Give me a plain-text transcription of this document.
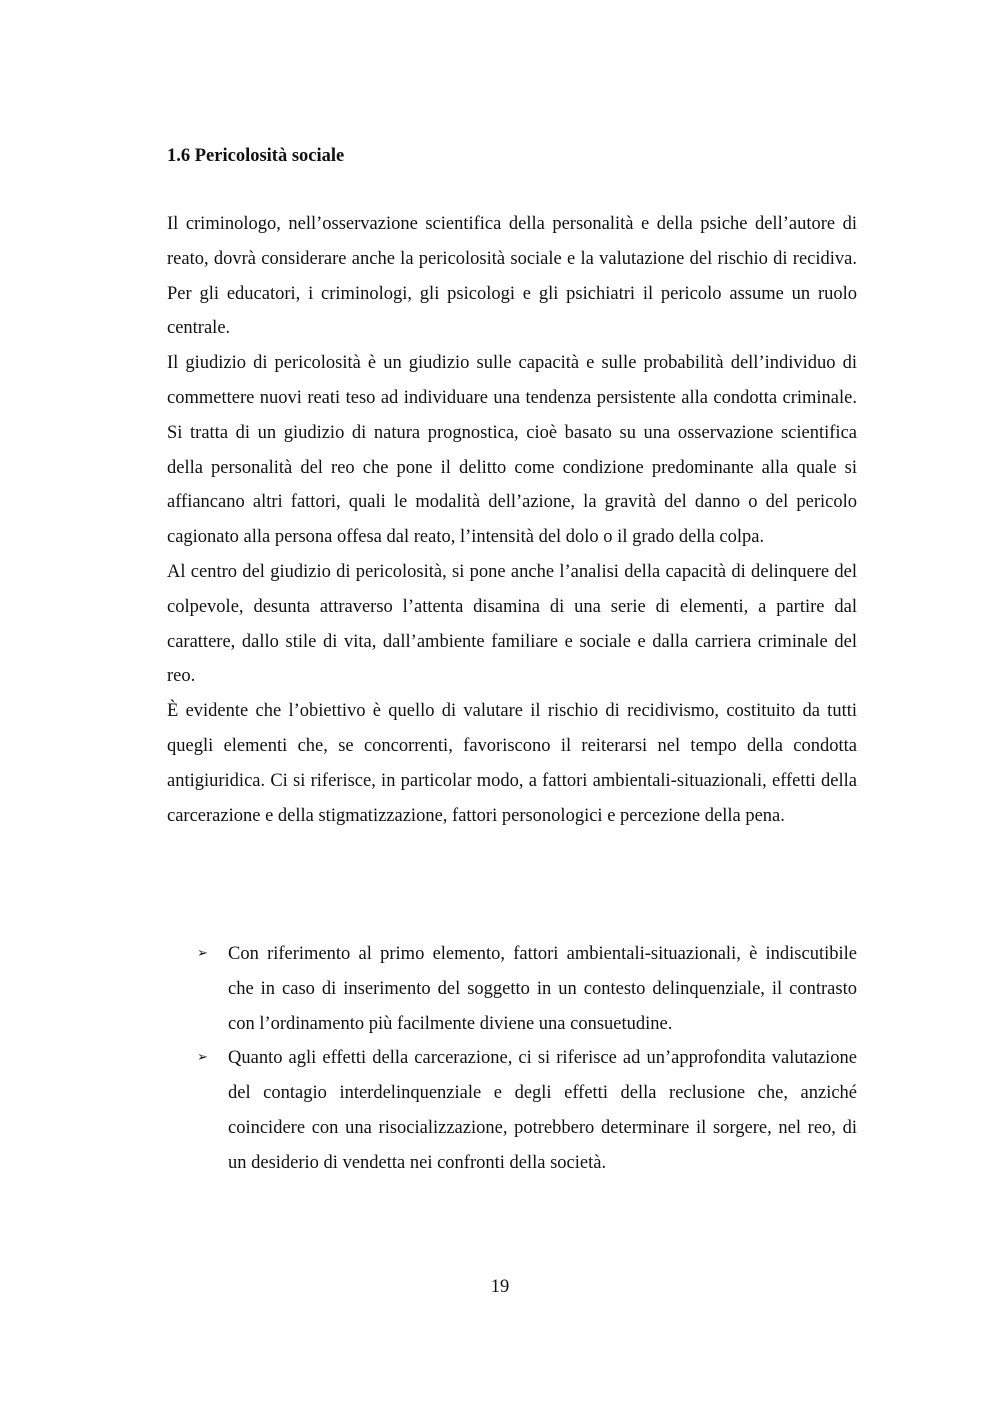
1.6 Pericolosità sociale

Il criminologo, nell’osservazione scientifica della personalità e della psiche dell’autore di reato, dovrà considerare anche la pericolosità sociale e la valutazione del rischio di recidiva. Per gli educatori, i criminologi, gli psicologi e gli psichiatri il pericolo assume un ruolo centrale.

Il giudizio di pericolosità è un giudizio sulle capacità e sulle probabilità dell’individuo di commettere nuovi reati teso ad individuare una tendenza persistente alla condotta criminale. Si tratta di un giudizio di natura prognostica, cioè basato su una osservazione scientifica della personalità del reo che pone il delitto come condizione predominante alla quale si affiancano altri fattori, quali le modalità dell’azione, la gravità del danno o del pericolo cagionato alla persona offesa dal reato, l’intensità del dolo o il grado della colpa.

Al centro del giudizio di pericolosità, si pone anche l’analisi della capacità di delinquere del colpevole, desunta attraverso l’attenta disamina di una serie di elementi, a partire dal carattere, dallo stile di vita, dall’ambiente familiare e sociale e dalla carriera criminale del reo.

È evidente che l’obiettivo è quello di valutare il rischio di recidivismo, costituito da tutti quegli elementi che, se concorrenti, favoriscono il reiterarsi nel tempo della condotta antigiuridica. Ci si riferisce, in particolar modo, a fattori ambientali-situazionali, effetti della carcerazione e della stigmatizzazione, fattori personologici e percezione della pena.

➢ Con riferimento al primo elemento, fattori ambientali-situazionali, è indiscutibile che in caso di inserimento del soggetto in un contesto delinquenziale, il contrasto con l’ordinamento più facilmente diviene una consuetudine.
➢ Quanto agli effetti della carcerazione, ci si riferisce ad un’approfondita valutazione del contagio interdelinquenziale e degli effetti della reclusione che, anziché coincidere con una risocializzazione, potrebbero determinare il sorgere, nel reo, di un desiderio di vendetta nei confronti della società.
19
